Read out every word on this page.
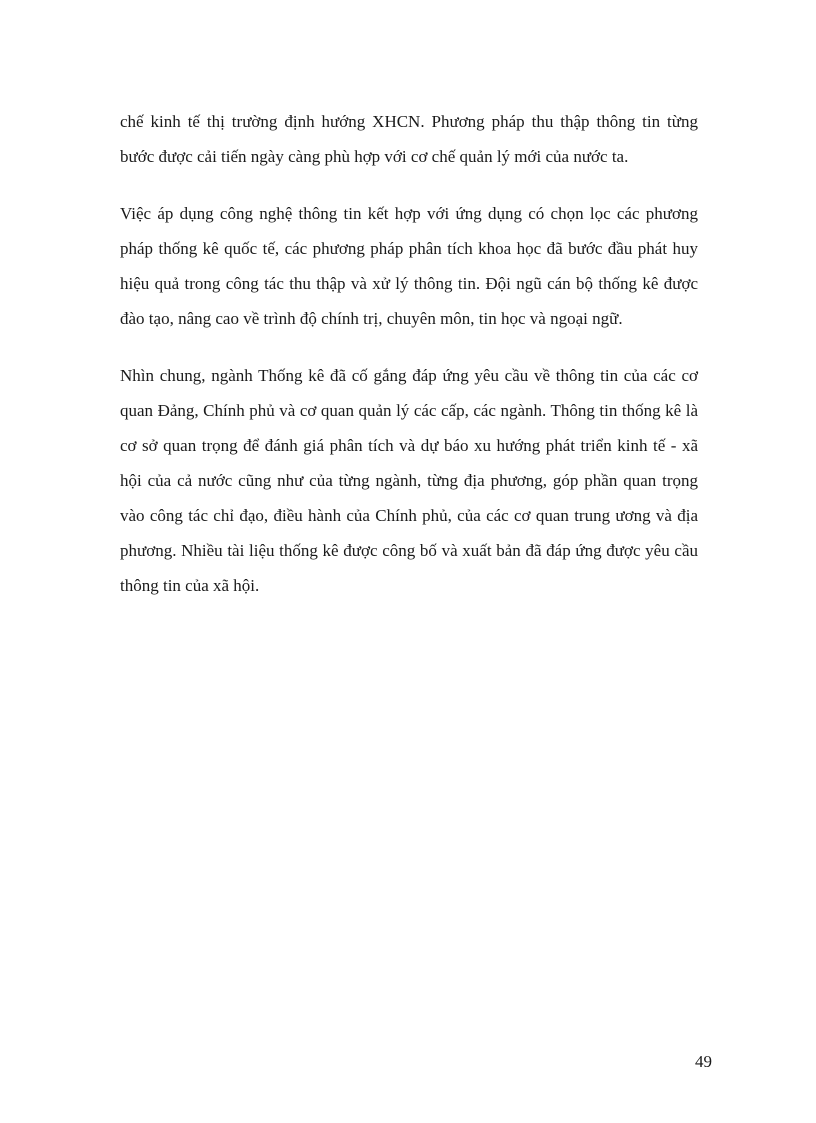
chế kinh tế thị trường định hướng XHCN. Phương pháp thu thập thông tin từng bước được cải tiến ngày càng phù hợp với cơ chế quản lý mới của nước ta.

Việc áp dụng công nghệ thông tin kết hợp với ứng dụng có chọn lọc các phương pháp thống kê quốc tế, các phương pháp phân tích khoa học đã bước đầu phát huy hiệu quả trong công tác thu thập và xử lý thông tin. Đội ngũ cán bộ thống kê được đào tạo, nâng cao về trình độ chính trị, chuyên môn, tin học và ngoại ngữ.

Nhìn chung, ngành Thống kê đã cố gắng đáp ứng yêu cầu về thông tin của các cơ quan Đảng, Chính phủ và cơ quan quản lý các cấp, các ngành. Thông tin thống kê là cơ sở quan trọng để đánh giá phân tích và dự báo xu hướng phát triển kinh tế - xã hội của cả nước cũng như của từng ngành, từng địa phương, góp phần quan trọng vào công tác chỉ đạo, điều hành của Chính phủ, của các cơ quan trung ương và địa phương. Nhiều tài liệu thống kê được công bố và xuất bản đã đáp ứng được yêu cầu thông tin của xã hội.

49
